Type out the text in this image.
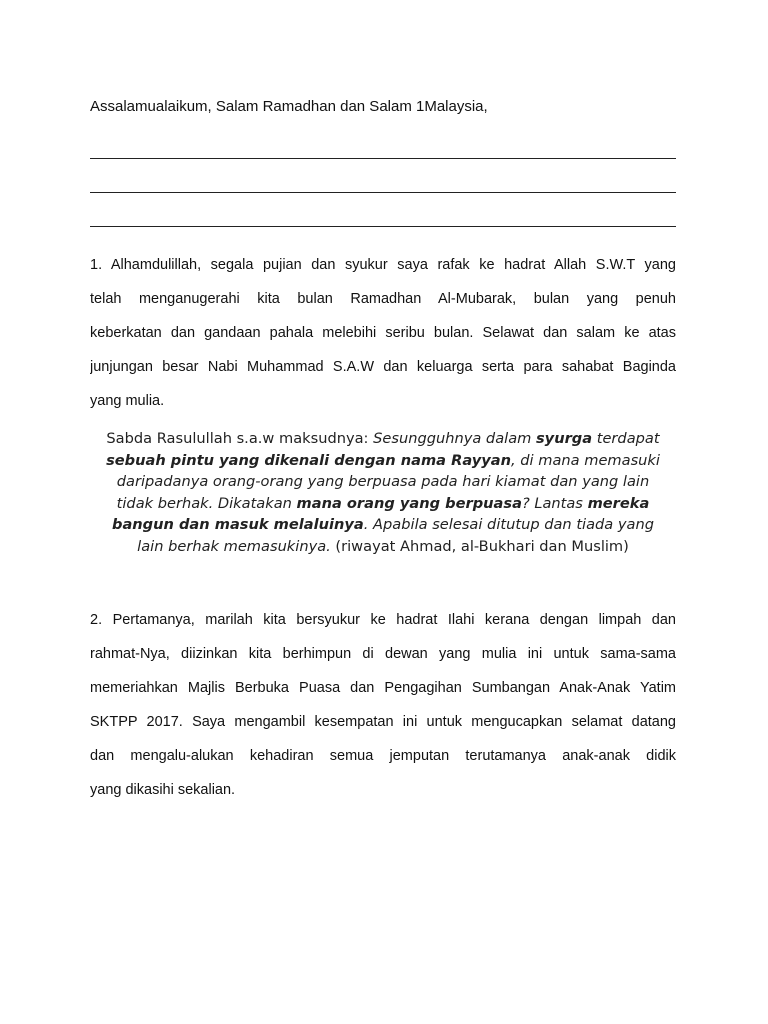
Assalamualaikum, Salam Ramadhan dan Salam 1Malaysia,
1. Alhamdulillah, segala pujian dan syukur saya rafak ke hadrat Allah S.W.T yang
telah menganugerahi kita bulan Ramadhan Al-Mubarak, bulan yang penuh
keberkatan dan gandaan pahala melebihi seribu bulan. Selawat dan salam ke atas
junjungan besar Nabi Muhammad S.A.W dan keluarga serta para sahabat Baginda
yang mulia.
Sabda Rasulullah s.a.w maksudnya: Sesungguhnya dalam syurga terdapat
sebuah pintu yang dikenali dengan nama Rayyan, di mana memasuki
daripadanya orang-orang yang berpuasa pada hari kiamat dan yang lain
tidak berhak. Dikatakan mana orang yang berpuasa? Lantas mereka
bangun dan masuk melaluinya. Apabila selesai ditutup dan tiada yang
lain berhak memasukinya. (riwayat Ahmad, al-Bukhari dan Muslim)
2. Pertamanya, marilah kita bersyukur ke hadrat Ilahi kerana dengan limpah dan
rahmat-Nya, diizinkan kita berhimpun di dewan yang mulia ini untuk sama-sama
memeriahkan Majlis Berbuka Puasa dan Pengagihan Sumbangan Anak-Anak Yatim
SKTPP 2017. Saya mengambil kesempatan ini untuk mengucapkan selamat datang
dan mengalu-alukan kehadiran semua jemputan terutamanya anak-anak didik
yang dikasihi sekalian.
